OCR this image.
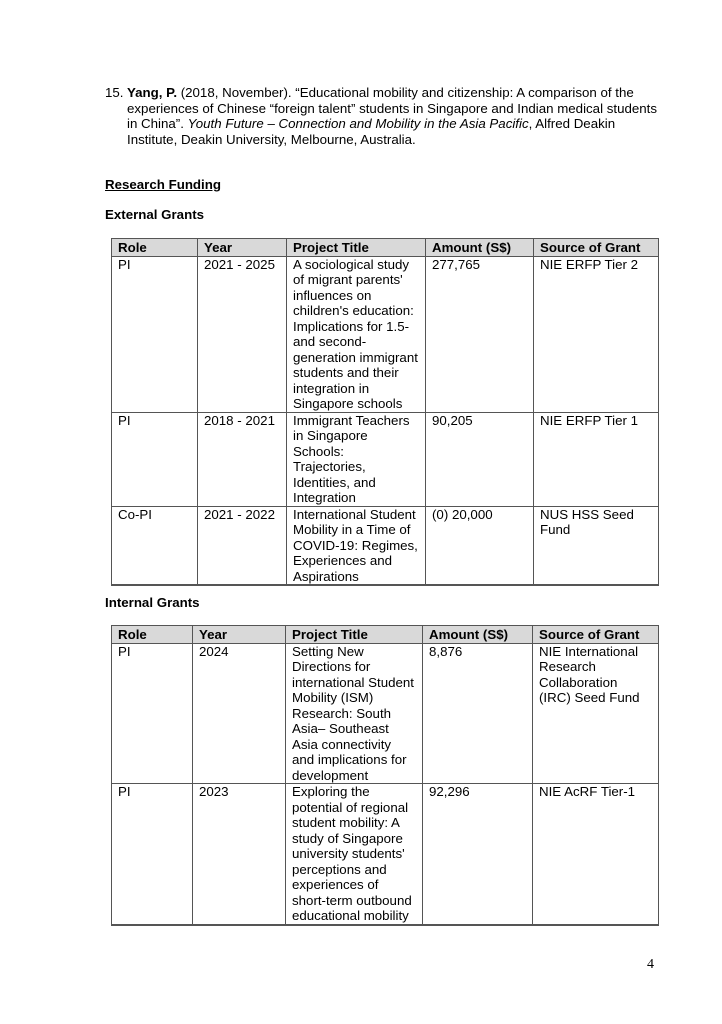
15. Yang, P. (2018, November). “Educational mobility and citizenship: A comparison of the experiences of Chinese “foreign talent” students in Singapore and Indian medical students in China”. Youth Future – Connection and Mobility in the Asia Pacific, Alfred Deakin Institute, Deakin University, Melbourne, Australia.
Research Funding
External Grants
Role	Year	Project Title	Amount (S$)	Source of Grant
PI	2021 - 2025	A sociological study of migrant parents' influences on children's education: Implications for 1.5- and second-generation immigrant students and their integration in Singapore schools	277,765	NIE ERFP Tier 2
PI	2018 - 2021	Immigrant Teachers in Singapore Schools: Trajectories, Identities, and Integration	90,205	NIE ERFP Tier 1
Co-PI	2021 - 2022	International Student Mobility in a Time of COVID-19: Regimes, Experiences and Aspirations	(0) 20,000	NUS HSS Seed Fund
Internal Grants
Role	Year	Project Title	Amount (S$)	Source of Grant
PI	2024	Setting New Directions for international Student Mobility (ISM) Research: South Asia– Southeast Asia connectivity and implications for development	8,876	NIE International Research Collaboration (IRC) Seed Fund
PI	2023	Exploring the potential of regional student mobility: A study of Singapore university students' perceptions and experiences of short-term outbound educational mobility	92,296	NIE AcRF Tier-1
4
